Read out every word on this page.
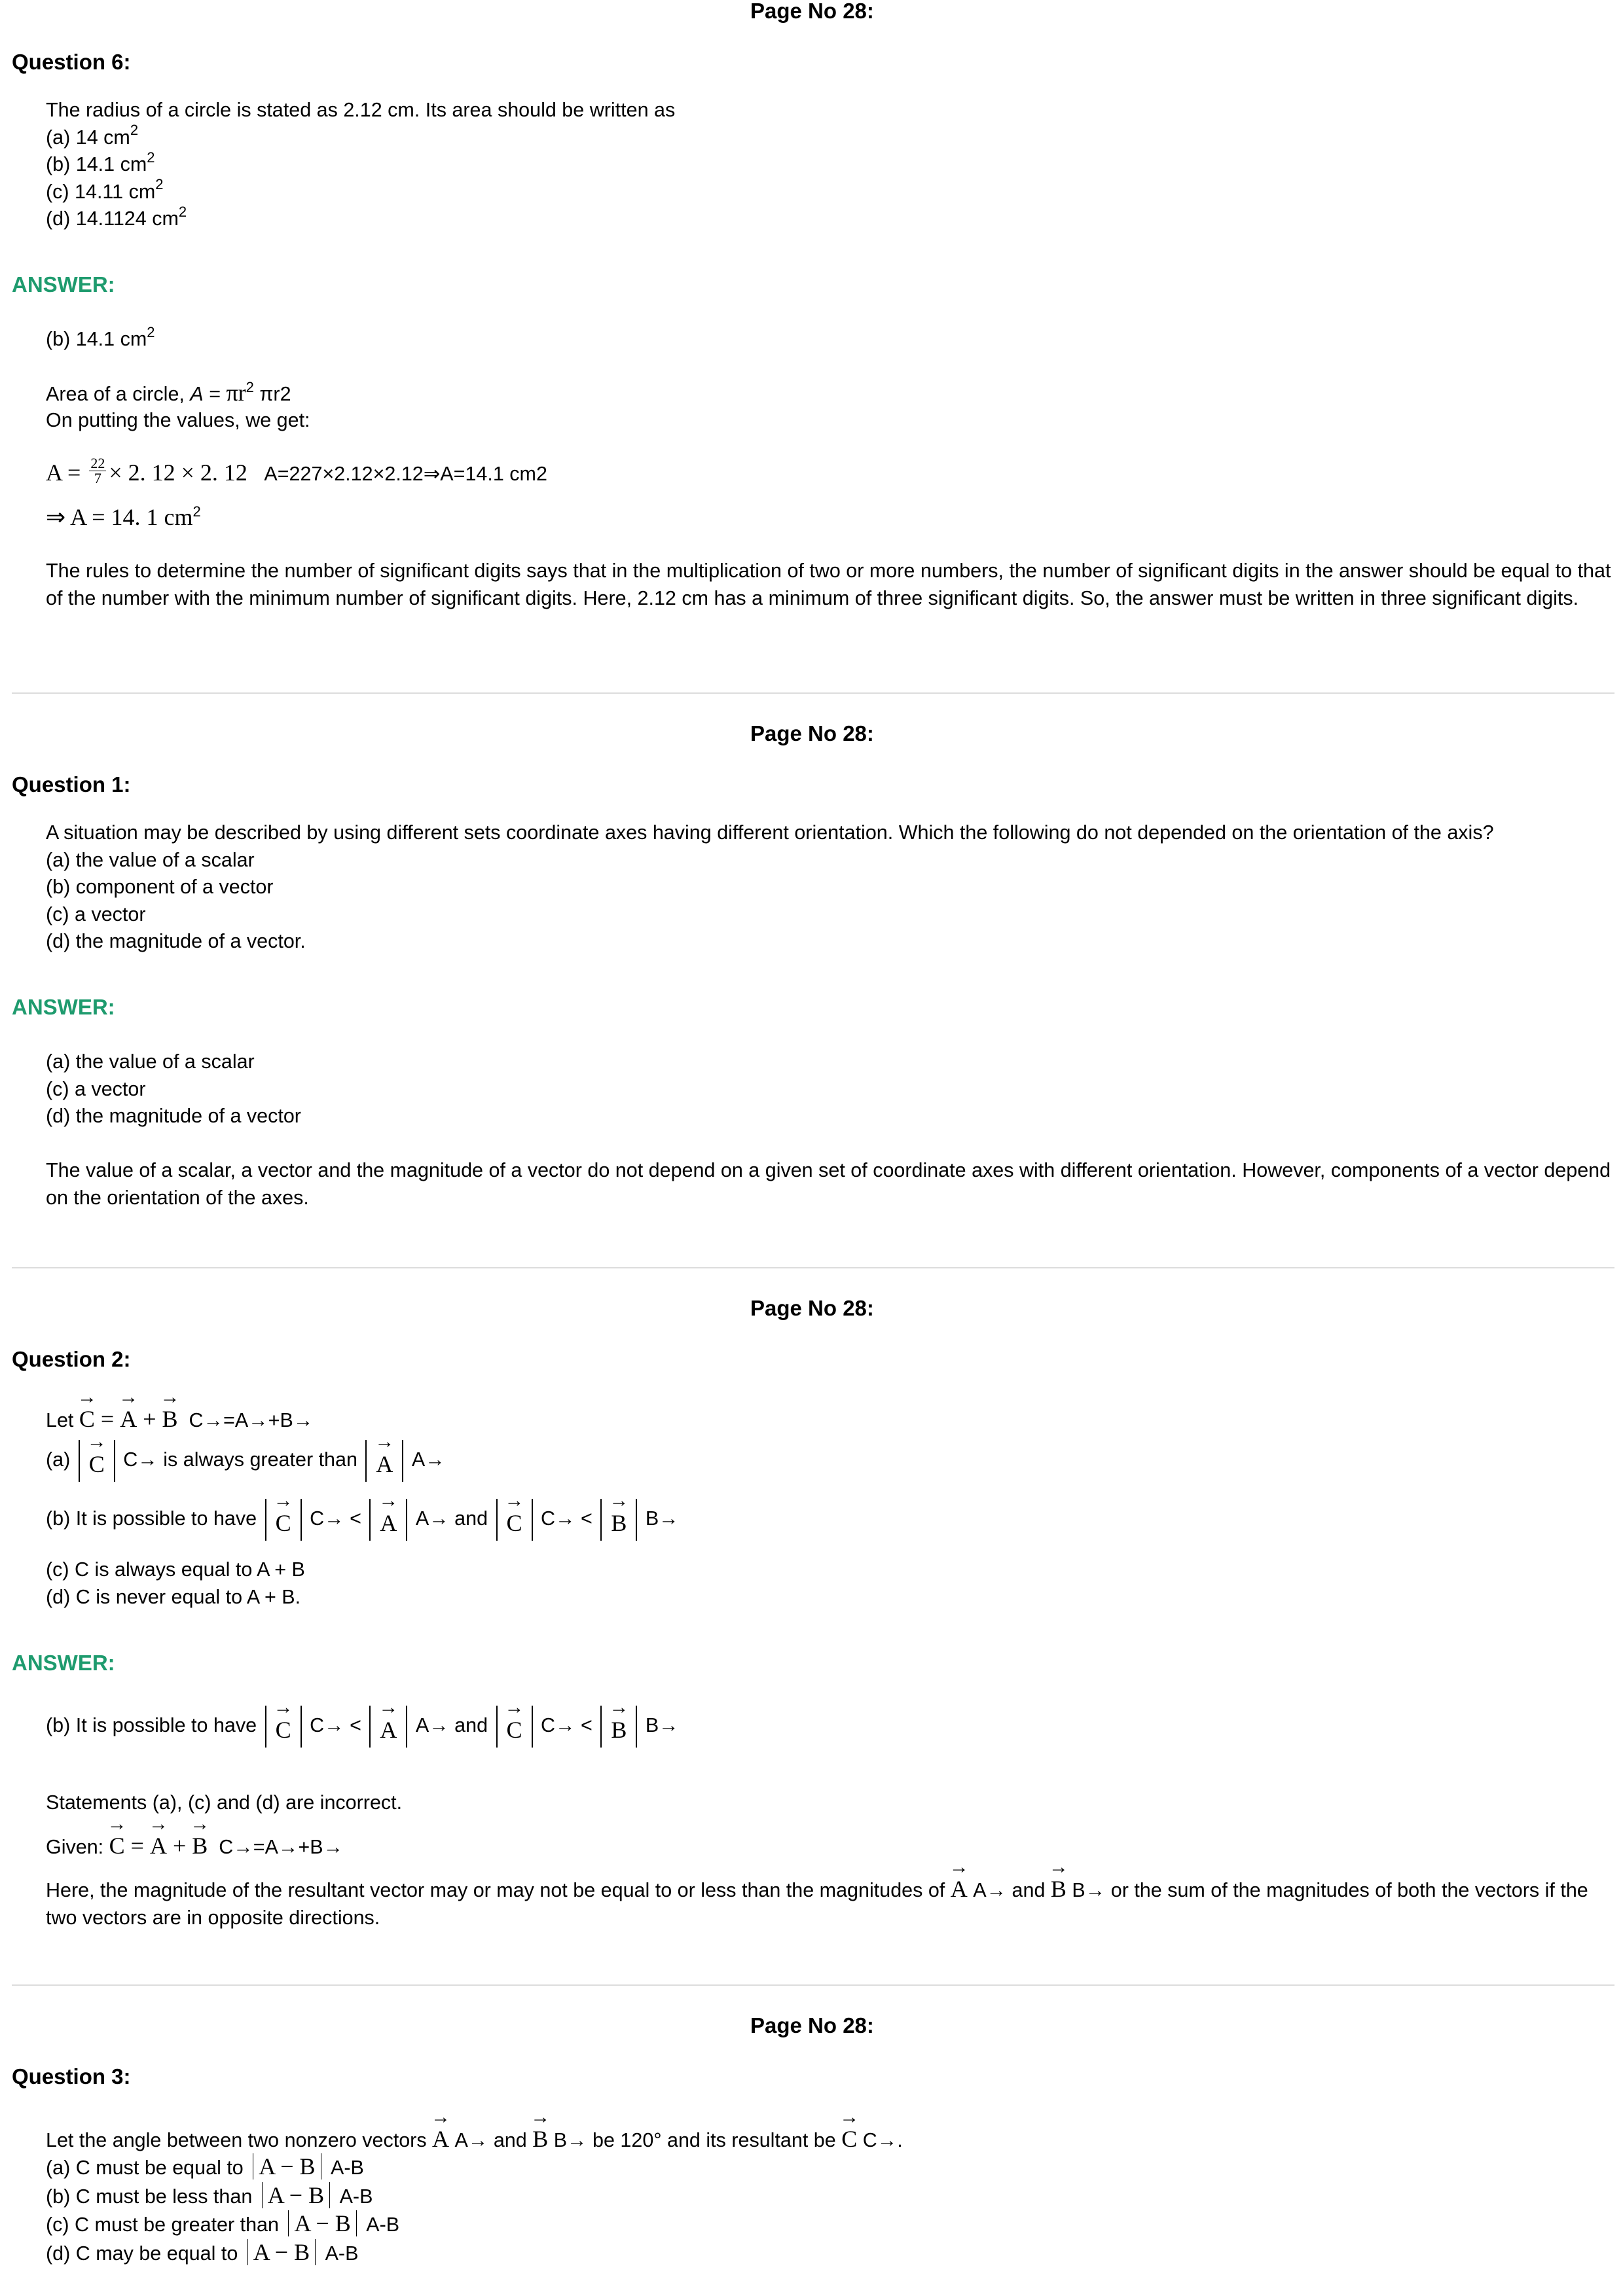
Page No 28:
Question 6:
The radius of a circle is stated as 2.12 cm. Its area should be written as
(a) 14 $cm^2$
(b) 14.1 $cm^2$
(c) 14.11 $cm^2$
(d) 14.1124 $cm^2$
ANSWER:
(b) 14.1 $cm^2$
Area of a circle, $A = \pi r^2$ πr2
On putting the values, we get:
$A = \frac{22}{7} \times 2$. 12 × 2. 12 A=227×2.12×2.12⇒A=14.1 cm2
⇒ A = 14. 1 $cm^2$
The rules to determine the number of significant digits says that in the multiplication of two or more numbers, the number of significant digits in the answer should be equal to that of the number with the minimum number of significant digits. Here, 2.12 cm has a minimum of three significant digits. So, the answer must be written in three significant digits.
Page No 28:
Question 1:
A situation may be described by using different sets coordinate axes having different orientation. Which the following do not depended on the orientation of the axis?
(a) the value of a scalar
(b) component of a vector
(c) a vector
(d) the magnitude of a vector.
ANSWER:
(a) the value of a scalar
(c) a vector
(d) the magnitude of a vector
The value of a scalar, a vector and the magnitude of a vector do not depend on a given set of coordinate axes with different orientation. However, components of a vector depend on the orientation of the axes.
Page No 28:
Question 2:
Let → C = → A + → B C→=A→+B→
(a) → C C→ is always greater than → A A→
(b) It is possible to have → C C→ < → A A→ and → C C→ < → B B→
(c) C is always equal to A + B
(d) C is never equal to A + B.
ANSWER:
(b) It is possible to have → C C→ < → A A→ and → C C→ < → B B→
Statements (a), (c) and (d) are incorrect.
Given: → C = → A + → B C→=A→+B→
Here, the magnitude of the resultant vector may or may not be equal to or less than the magnitudes of → A A→ and → B B→ or the sum of the magnitudes of both the vectors if the two vectors are in opposite directions.
Page No 28:
Question 3:
Let the angle between two nonzero vectors → A A→ and → B B→ be 120° and its resultant be → C C→.
(a) C must be equal to A − B A-B
(b) C must be less than A − B A-B
(c) C must be greater than A − B A-B
(d) C may be equal to A − B A-B
